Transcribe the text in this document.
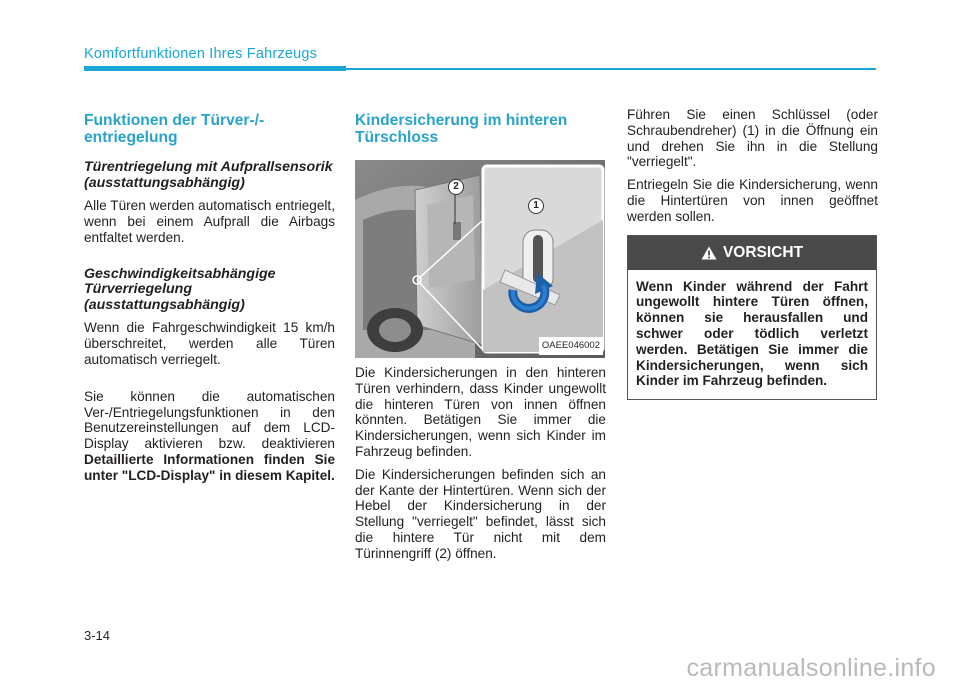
Komfortfunktionen Ihres Fahrzeugs
Funktionen der Türver-/-entriegelung
Türentriegelung mit Aufprallsensorik (ausstattungsabhängig)

Alle Türen werden automatisch entriegelt, wenn bei einem Aufprall die Airbags entfaltet werden.

Geschwindigkeitsabhängige Türverriegelung (ausstattungsabhängig)

Wenn die Fahrgeschwindigkeit 15 km/h überschreitet, werden alle Türen automatisch verriegelt.

Sie können die automatischen Ver-/Entriegelungsfunktionen in den Benutzereinstellungen auf dem LCD-Display aktivieren bzw. deaktivieren Detaillierte Informationen finden Sie unter "LCD-Display" in diesem Kapitel.

Kindersicherung im hinteren Türschloss
2
1
OAEE046002

Die Kindersicherungen in den hinteren Türen verhindern, dass Kinder ungewollt die hinteren Türen von innen öffnen könnten. Betätigen Sie immer die Kindersicherungen, wenn sich Kinder im Fahrzeug befinden.

Die Kindersicherungen befinden sich an der Kante der Hintertüren. Wenn sich der Hebel der Kindersicherung in der Stellung "verriegelt" befindet, lässt sich die hintere Tür nicht mit dem Türinnengriff (2) öffnen.

Führen Sie einen Schlüssel (oder Schraubendreher) (1) in die Öffnung ein und drehen Sie ihn in die Stellung "verriegelt".

Entriegeln Sie die Kindersicherung, wenn die Hintertüren von innen geöffnet werden sollen.

VORSICHT
Wenn Kinder während der Fahrt ungewollt hintere Türen öffnen, können sie herausfallen und schwer oder tödlich verletzt werden. Betätigen Sie immer die Kindersicherungen, wenn sich Kinder im Fahrzeug befinden.
3-14
carmanualsonline.info
